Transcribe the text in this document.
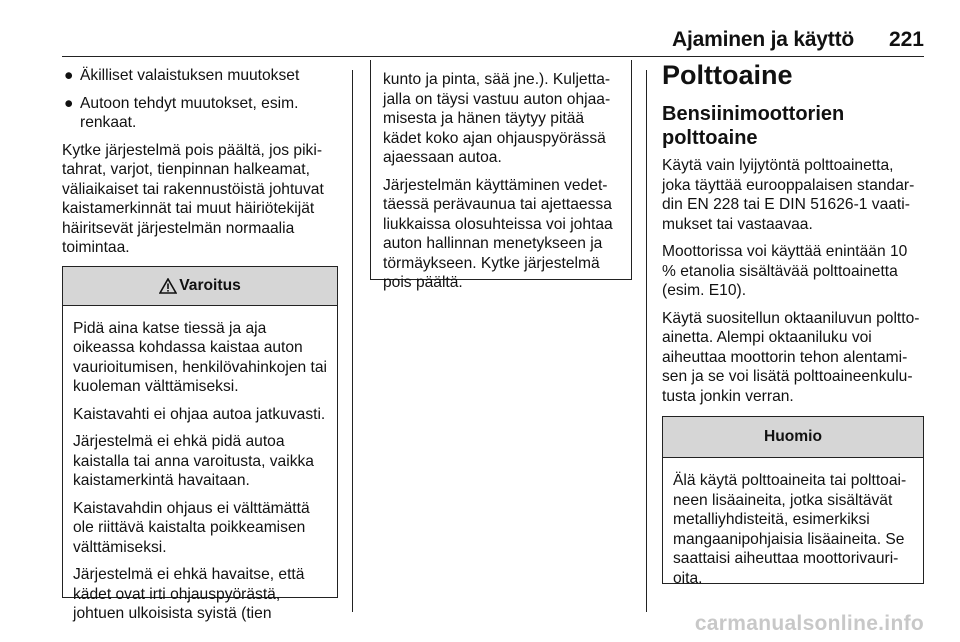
Ajaminen ja käyttö 221
● Äkilliset valaistuksen muutokset
● Autoon tehdyt muutokset, esim. renkaat.

Kytke järjestelmä pois päältä, jos pikitahrat, varjot, tienpinnan halkeamat, väliaikaiset tai rakennustöistä johtuvat kaistamerkinnät tai muut häiriötekijät häiritsevät järjestelmän normaalia toimintaa.

Varoitus

Pidä aina katse tiessä ja aja oikeassa kohdassa kaistaa auton vaurioitumisen, henkilövahinkojen tai kuoleman välttämiseksi.

Kaistavahti ei ohjaa autoa jatkuvasti.

Järjestelmä ei ehkä pidä autoa kaistalla tai anna varoitusta, vaikka kaistamerkintä havaitaan.

Kaistavahdin ohjaus ei välttämättä ole riittävä kaistalta poikkeamisen välttämiseksi.

Järjestelmä ei ehkä havaitse, että kädet ovat irti ohjauspyörästä, johtuen ulkoisista syistä (tien

kunto ja pinta, sää jne.). Kuljettajalla on täysi vastuu auton ohjaamisesta ja hänen täytyy pitää kädet koko ajan ohjauspyörässä ajaessaan autoa.

Järjestelmän käyttäminen vedettäessä perävaunua tai ajettaessa liukkaissa olosuhteissa voi johtaa auton hallinnan menetykseen ja törmäykseen. Kytke järjestelmä pois päältä.

Polttoaine
Bensiinimoottorien polttoaine

Käytä vain lyijytöntä polttoainetta, joka täyttää eurooppalaisen standardin EN 228 tai E DIN 51626-1 vaatimukset tai vastaavaa.

Moottorissa voi käyttää enintään 10 % etanolia sisältävää polttoainetta (esim. E10).

Käytä suositellun oktaaniluvun polttoainetta. Alempi oktaaniluku voi aiheuttaa moottorin tehon alentamisen ja se voi lisätä polttoaineenkulutusta jonkin verran.

Huomio

Älä käytä polttoaineita tai polttoaineen lisäaineita, jotka sisältävät metalliyhdisteitä, esimerkiksi mangaanipohjaisia lisäaineita. Se saattaisi aiheuttaa moottorivaurioita.

carmanualsonline.info
